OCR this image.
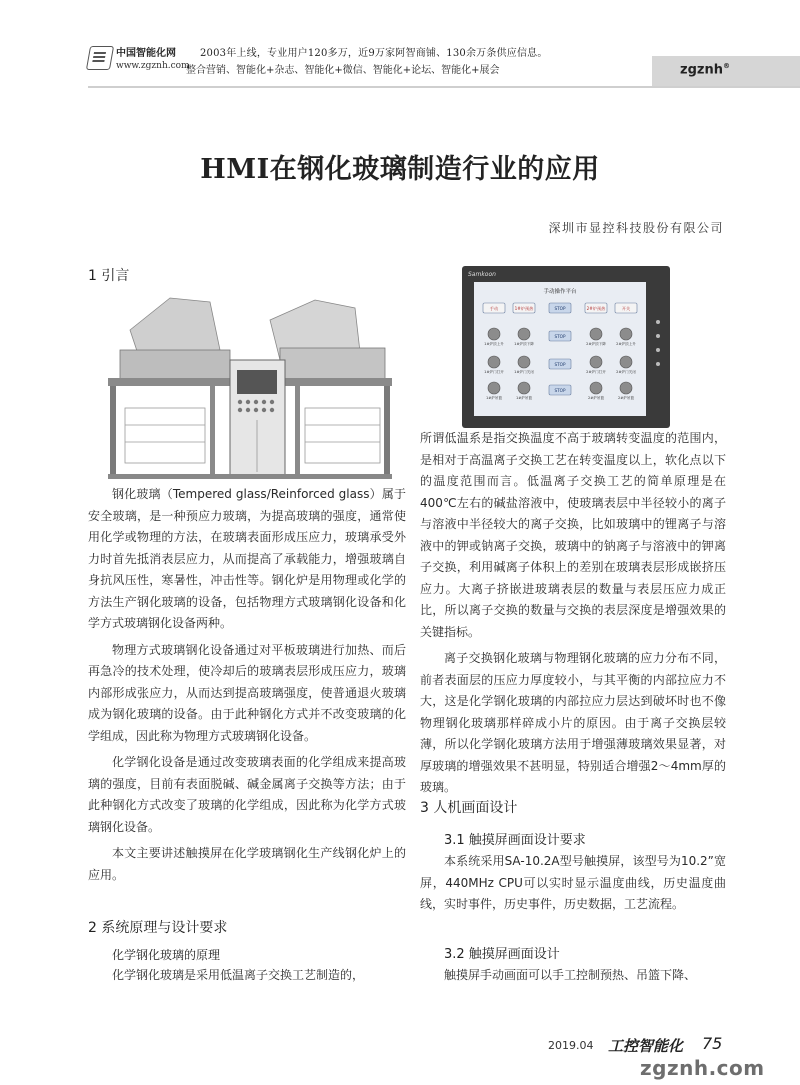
中国智能化网
www.zgznh.com
2003年上线，专业用户120多万，近9万家阿智商铺、130余万条供应信息。
整合营销、智能化+杂志、智能化+微信、智能化+论坛、智能化+展会	zgznh®
HMI在钢化玻璃制造行业的应用
深圳市显控科技股份有限公司
1 引言

钢化玻璃（Tempered glass/Reinforced glass）属于安全玻璃，是一种预应力玻璃，为提高玻璃的强度，通常使用化学或物理的方法，在玻璃表面形成压应力，玻璃承受外力时首先抵消表层应力，从而提高了承载能力，增强玻璃自身抗风压性，寒暑性，冲击性等。钢化炉是用物理或化学的方法生产钢化玻璃的设备，包括物理方式玻璃钢化设备和化学方式玻璃钢化设备两种。

物理方式玻璃钢化设备通过对平板玻璃进行加热、而后再急冷的技术处理，使冷却后的玻璃表层形成压应力，玻璃内部形成张应力，从而达到提高玻璃强度，使普通退火玻璃成为钢化玻璃的设备。由于此种钢化方式并不改变玻璃的化学组成，因此称为物理方式玻璃钢化设备。

化学钢化设备是通过改变玻璃表面的化学组成来提高玻璃的强度，目前有表面脱碱、碱金属离子交换等方法；由于此种钢化方式改变了玻璃的化学组成，因此称为化学方式玻璃钢化设备。

本文主要讲述触摸屏在化学玻璃钢化生产线钢化炉上的应用。

2 系统原理与设计要求
化学钢化玻璃的原理

化学钢化玻璃是采用低温离子交换工艺制造的，

Samkoon
手动操作平台
手动	1#炉预热	STOP	2#炉预热	开关
1#炉顶上升	1#炉顶下降
STOP
2#炉顶下降	2#炉顶上升
1#炉门打开	1#炉门关闭
STOP
2#炉门打开	2#炉门关闭
1#炉吊篮	1#炉吊篮
STOP
2#炉吊篮	2#炉吊篮

所谓低温系是指交换温度不高于玻璃转变温度的范围内，是相对于高温离子交换工艺在转变温度以上，软化点以下的温度范围而言。低温离子交换工艺的简单原理是在400℃左右的碱盐溶液中，使玻璃表层中半径较小的离子与溶液中半径较大的离子交换，比如玻璃中的锂离子与溶液中的钾或钠离子交换，玻璃中的钠离子与溶液中的钾离子交换，利用碱离子体积上的差别在玻璃表层形成嵌挤压应力。大离子挤嵌进玻璃表层的数量与表层压应力成正比，所以离子交换的数量与交换的表层深度是增强效果的关键指标。

离子交换钢化玻璃与物理钢化玻璃的应力分布不同，前者表面层的压应力厚度较小，与其平衡的内部拉应力不大，这是化学钢化玻璃的内部拉应力层达到破坏时也不像物理钢化玻璃那样碎成小片的原因。由于离子交换层较薄，所以化学钢化玻璃方法用于增强薄玻璃效果显著，对厚玻璃的增强效果不甚明显，特别适合增强2～4mm厚的玻璃。

3 人机画面设计
3.1 触摸屏画面设计要求

本系统采用SA-10.2A型号触摸屏，该型号为10.2”宽屏，440MHz CPU可以实时显示温度曲线，历史温度曲线，实时事件，历史事件，历史数据，工艺流程。

3.2 触摸屏画面设计

触摸屏手动画面可以手工控制预热、吊篮下降、

2019.04 工控智能化 75
zgznh.com
